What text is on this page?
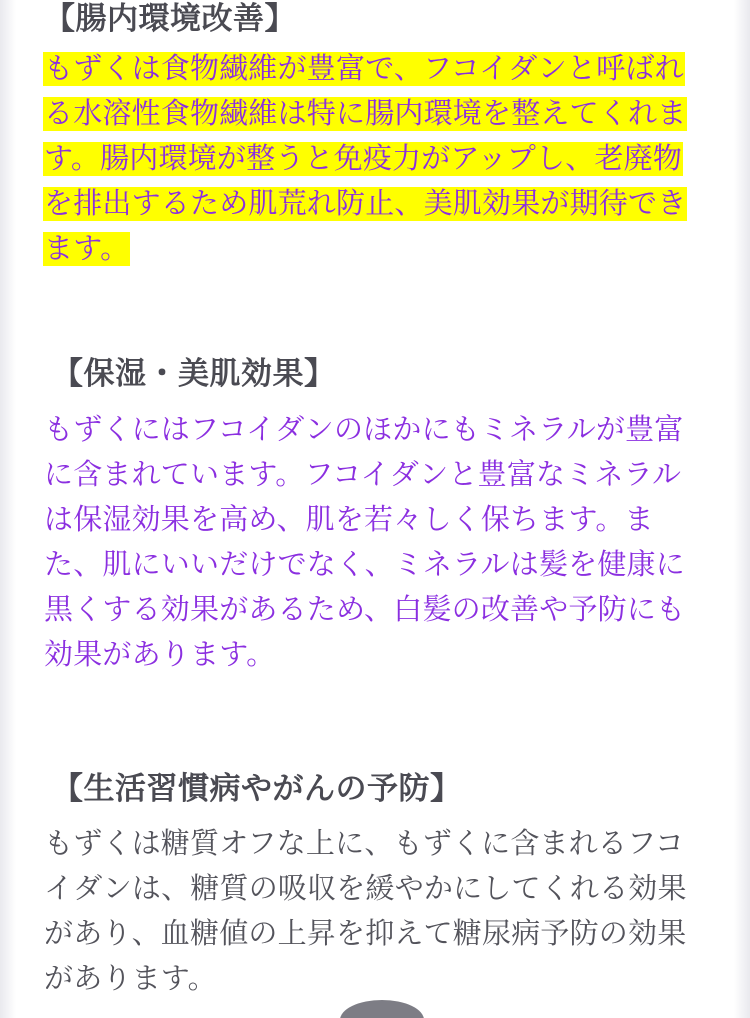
【腸内環境改善】
もずくは食物繊維が豊富で、フコイダンと呼ばれ
る水溶性食物繊維は特に腸内環境を整えてくれま
す。腸内環境が整うと免疫力がアップし、老廃物
を排出するため肌荒れ防止、美肌効果が期待でき
ます。
【保湿・美肌効果】
もずくにはフコイダンのほかにもミネラルが豊富
に含まれています。フコイダンと豊富なミネラル
は保湿効果を高め、肌を若々しく保ちます。ま
た、肌にいいだけでなく、ミネラルは髪を健康に
黒くする効果があるため、白髪の改善や予防にも
効果があります。
【生活習慣病やがんの予防】
もずくは糖質オフな上に、もずくに含まれるフコ
イダンは、糖質の吸収を緩やかにしてくれる効果
があり、血糖値の上昇を抑えて糖尿病予防の効果
があります。
